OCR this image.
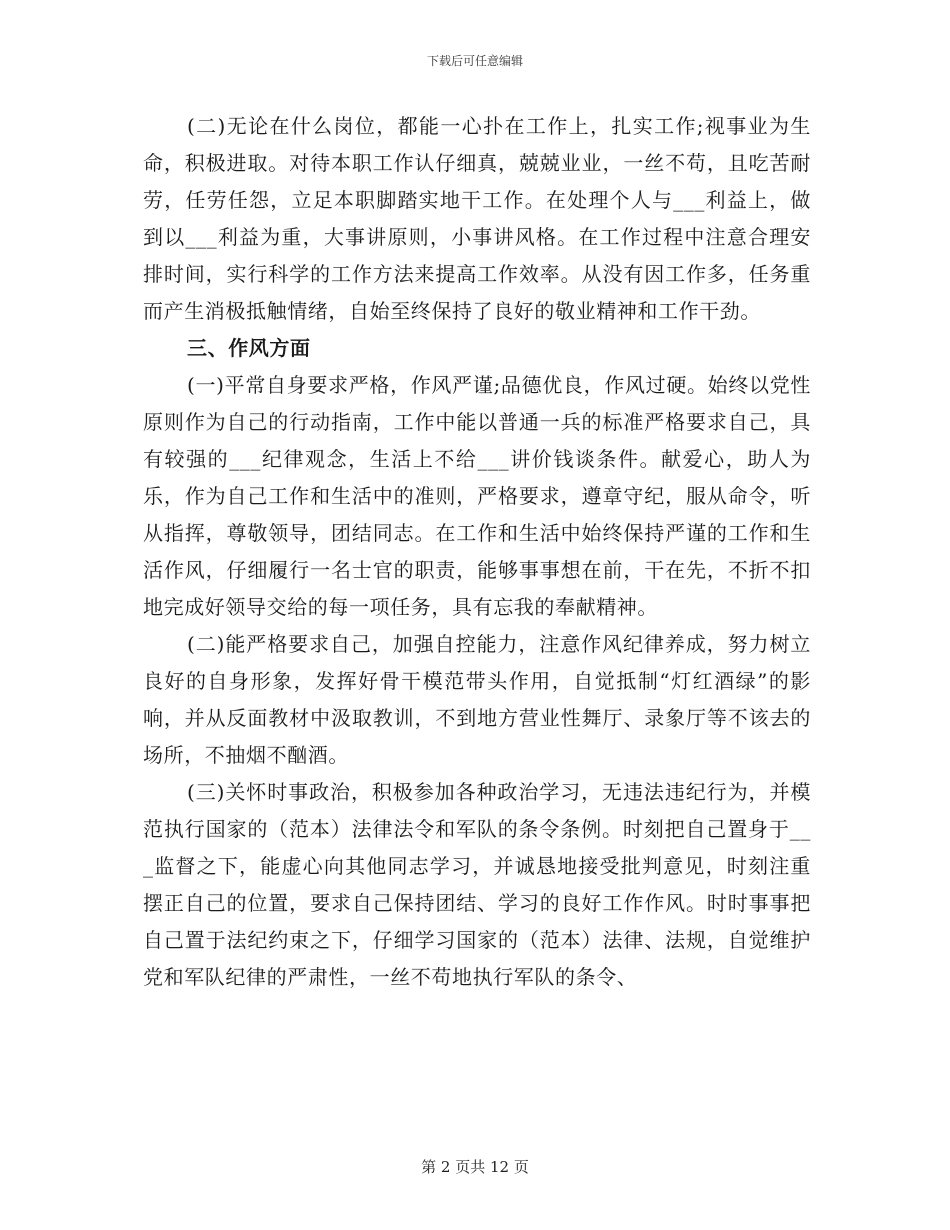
下载后可任意编辑

(二)无论在什么岗位，都能一心扑在工作上，扎实工作;视事业为生命，积极进取。对待本职工作认仔细真，兢兢业业，一丝不苟，且吃苦耐劳，任劳任怨，立足本职脚踏实地干工作。在处理个人与___利益上，做到以___利益为重，大事讲原则，小事讲风格。在工作过程中注意合理安排时间，实行科学的工作方法来提高工作效率。从没有因工作多，任务重而产生消极抵触情绪，自始至终保持了良好的敬业精神和工作干劲。

三、作风方面

(一)平常自身要求严格，作风严谨;品德优良，作风过硬。始终以党性原则作为自己的行动指南，工作中能以普通一兵的标准严格要求自己，具有较强的___纪律观念，生活上不给___讲价钱谈条件。献爱心，助人为乐，作为自己工作和生活中的准则，严格要求，遵章守纪，服从命令，听从指挥，尊敬领导，团结同志。在工作和生活中始终保持严谨的工作和生活作风，仔细履行一名士官的职责，能够事事想在前，干在先，不折不扣地完成好领导交给的每一项任务，具有忘我的奉献精神。

(二)能严格要求自己，加强自控能力，注意作风纪律养成，努力树立良好的自身形象，发挥好骨干模范带头作用，自觉抵制“灯红酒绿”的影响，并从反面教材中汲取教训，不到地方营业性舞厅、录象厅等不该去的场所，不抽烟不酗酒。

(三)关怀时事政治，积极参加各种政治学习，无违法违纪行为，并模范执行国家的（范本）法律法令和军队的条令条例。时刻把自己置身于___监督之下，能虚心向其他同志学习，并诚恳地接受批判意见，时刻注重摆正自己的位置，要求自己保持团结、学习的良好工作作风。时时事事把自己置于法纪约束之下，仔细学习国家的（范本）法律、法规，自觉维护党和军队纪律的严肃性，一丝不苟地执行军队的条令、

第 2 页共 12 页
